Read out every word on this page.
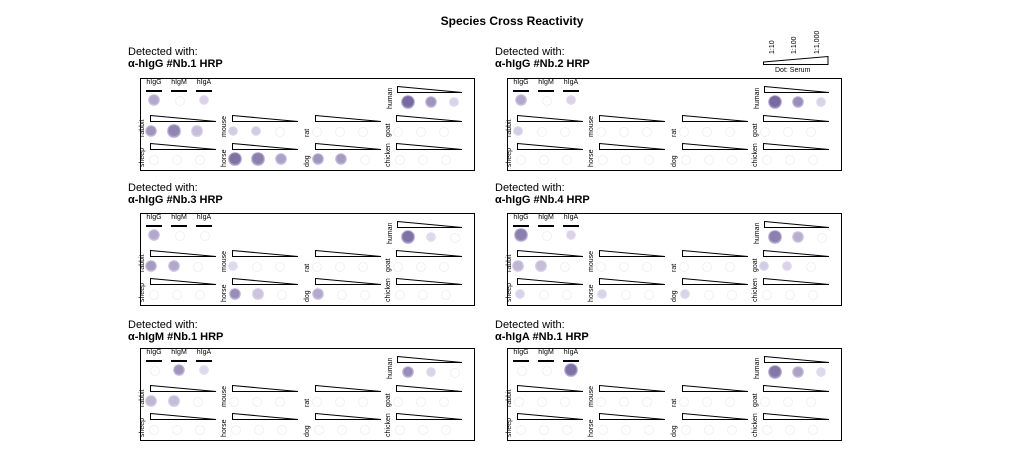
Species Cross Reactivity
1:10 1:100 1:1,000
Dot: Serum
Detected with:
α-hIgG #Nb.1 HRP
hIgG	hIgM	hIgA
human
rabbit	mouse	rat	goat
sheep	horse	dog	chicken
Detected with:
α-hIgG #Nb.2 HRP
hIgG	hIgM	hIgA
human
rabbit	mouse	rat	goat
sheep	horse	dog	chicken
Detected with:
α-hIgG #Nb.3 HRP
hIgG	hIgM	hIgA
human
rabbit	mouse	rat	goat
sheep	horse	dog	chicken
Detected with:
α-hIgG #Nb.4 HRP
hIgG	hIgM	hIgA
human
rabbit	mouse	rat	goat
sheep	horse	dog	chicken
Detected with:
α-hIgM #Nb.1 HRP
hIgG	hIgM	hIgA
human
rabbit	mouse	rat	goat
sheep	horse	dog	chicken
Detected with:
α-hIgA #Nb.1 HRP
hIgG	hIgM	hIgA
human
rabbit	mouse	rat	goat
sheep	horse	dog	chicken
